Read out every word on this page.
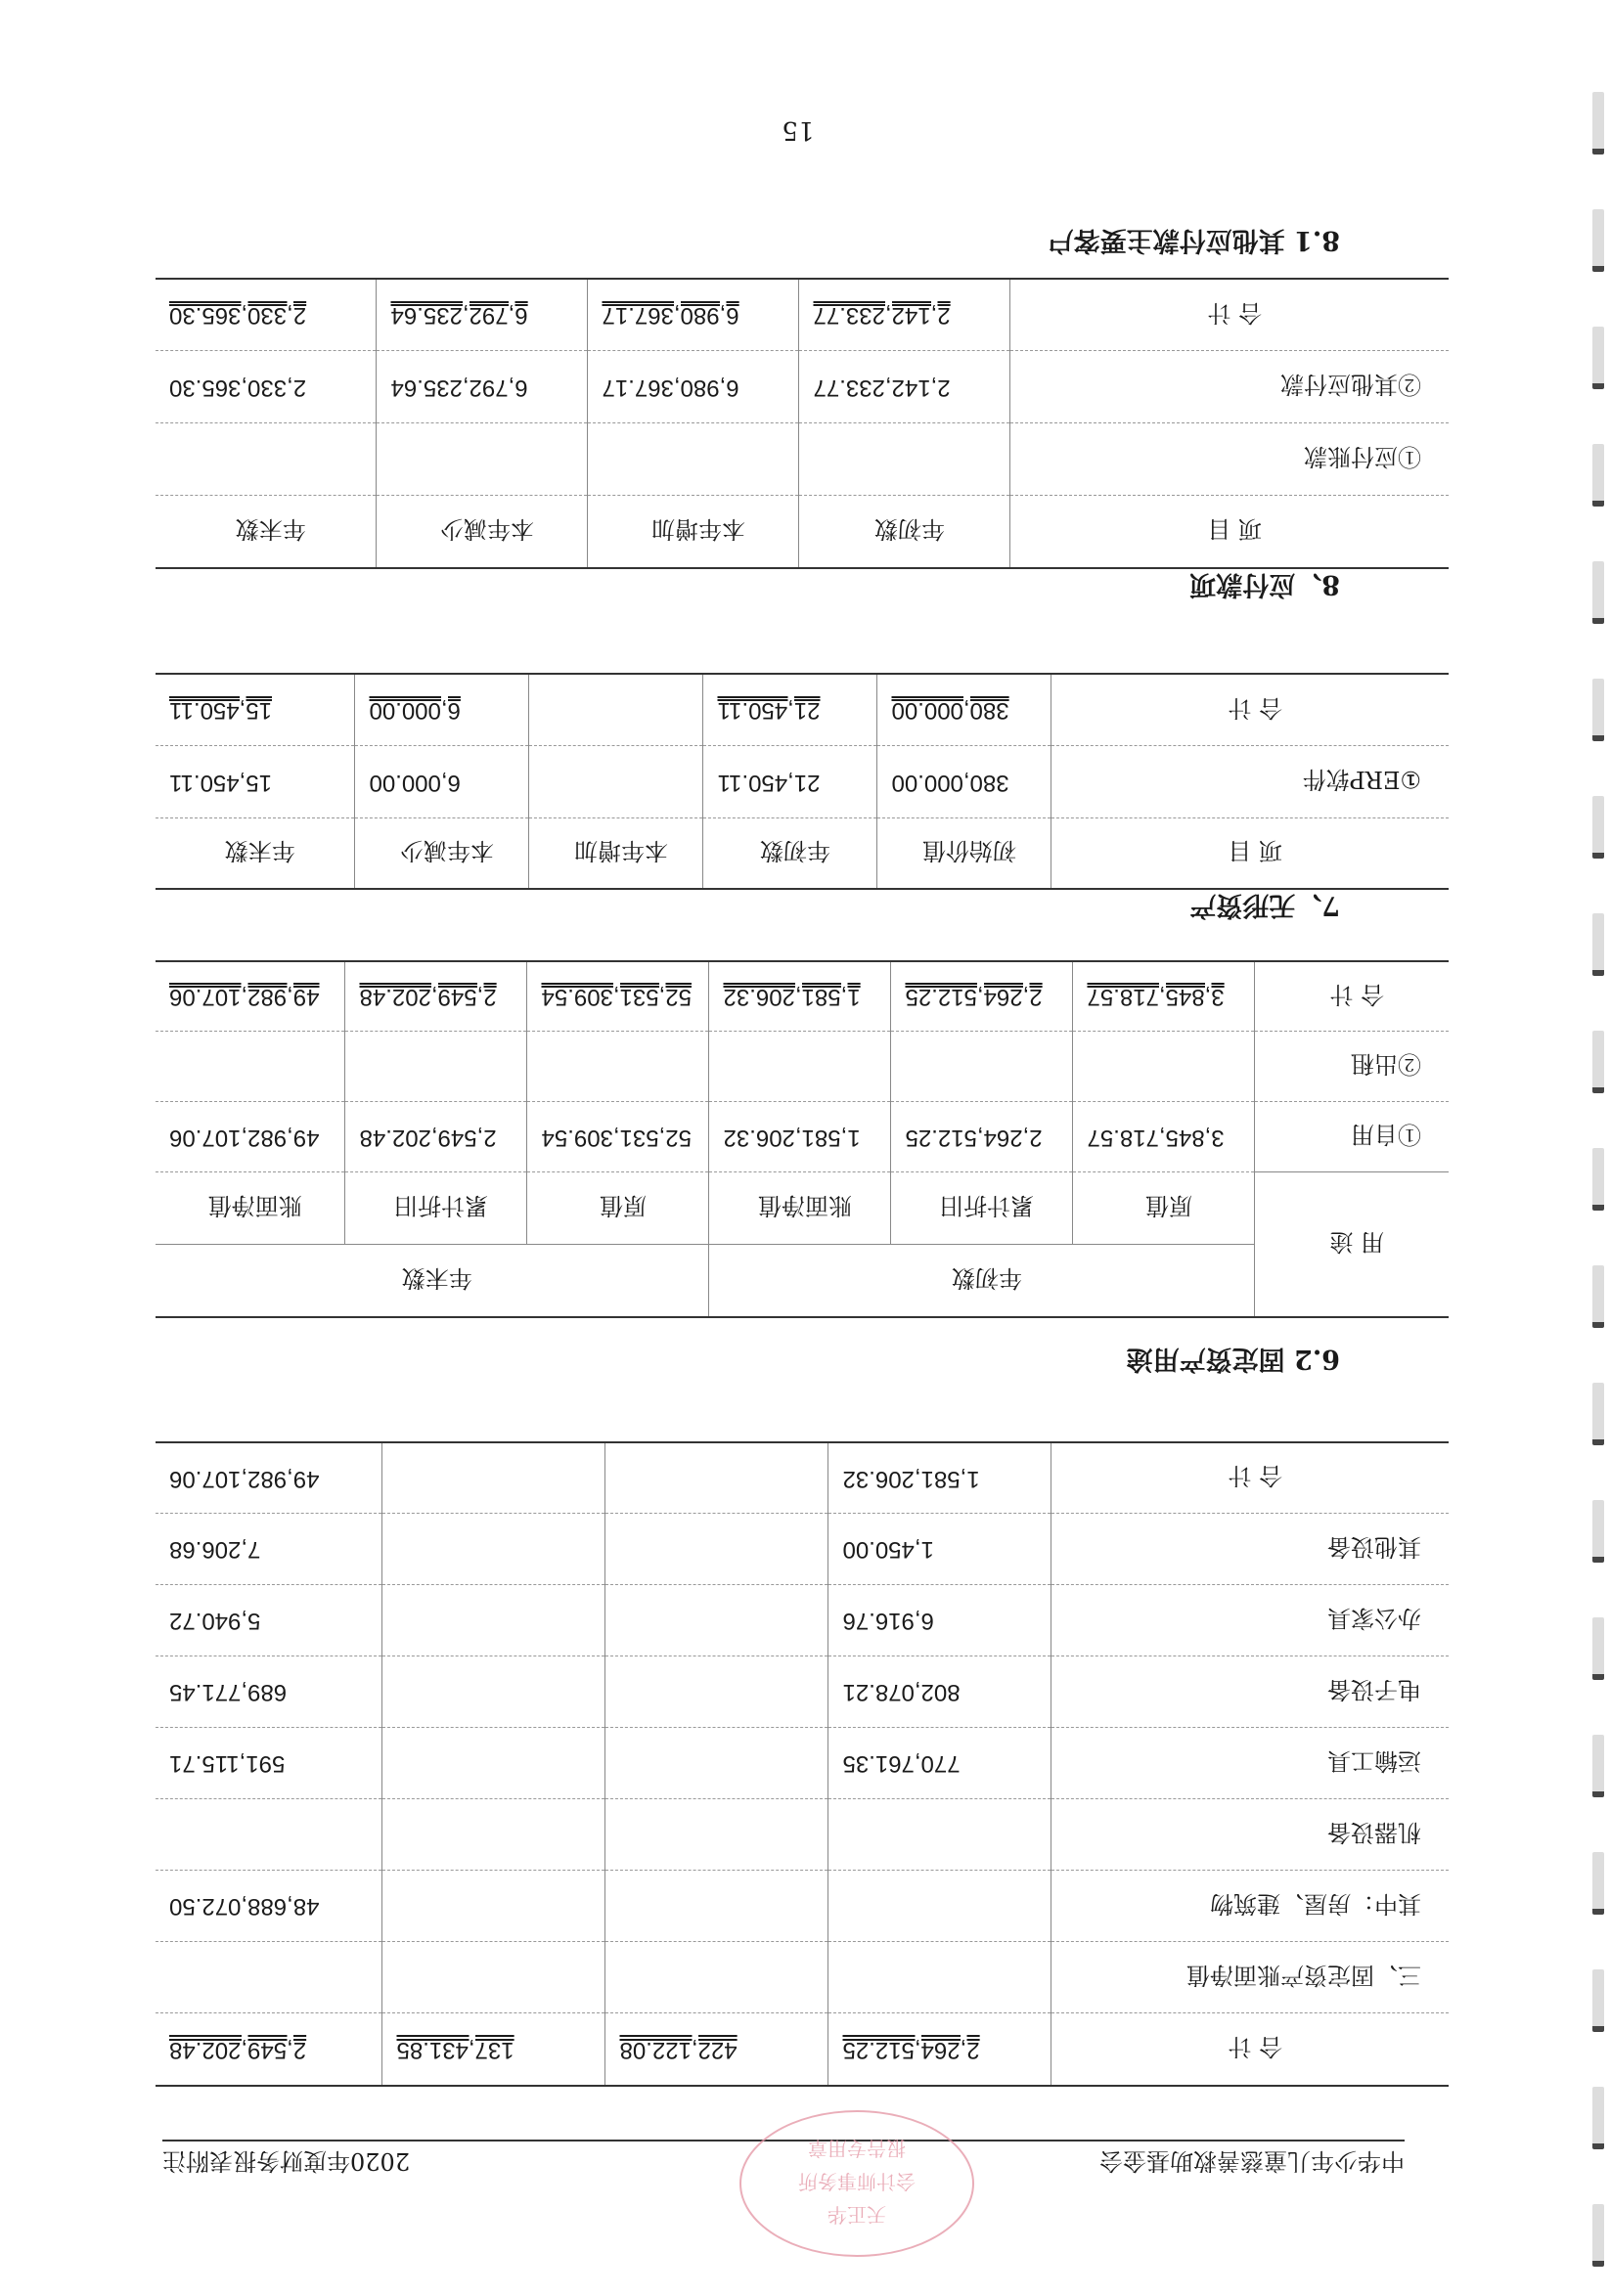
中华少年儿童慈善救助基金会
2020年度财务报表附注
天正华
会计师事务所
报告专用章
合 计	2,264,512.25	422,122.08	137,431.85	2,549,202.48
三、固定资产账面净值				
其中：房屋、建筑物				48,688,072.50
机器设备				
运输工具	770,761.35			591,115.71
电子设备	802,078.21			689,771.45
办公家具	6,916.76			5,940.72
其他设备	1,450.00			7,206.68
合 计	1,581,206.32			49,982,107.06
6.2 固定资产用途
用 途	年初数			年末数		
	原值	累计折旧	账面净值	原值	累计折旧	账面净值
①自用	3,845,718.57	2,264,512.25	1,581,206.32	52,531,309.54	2,549,202.48	49,982,107.06
②出租						
合 计	3,845,718.57	2,264,512.25	1,581,206.32	52,531,309.54	2,549,202.48	49,982,107.06
7、无形资产
项 目	初始价值	年初数	本年增加	本年减少	年末数
①ERP软件	380,000.00	21,450.11		6,000.00	15,450.11
合 计	380,000.00	21,450.11		6,000.00	15,450.11
8、应付款项
项 目	年初数	本年增加	本年减少	年末数
①应付账款				
②其他应付款	2,142,233.77	6,980,367.17	6,792,235.64	2,330,365.30
合 计	2,142,233.77	6,980,367.17	6,792,235.64	2,330,365.30
8.1 其他应付款主要客户
15
